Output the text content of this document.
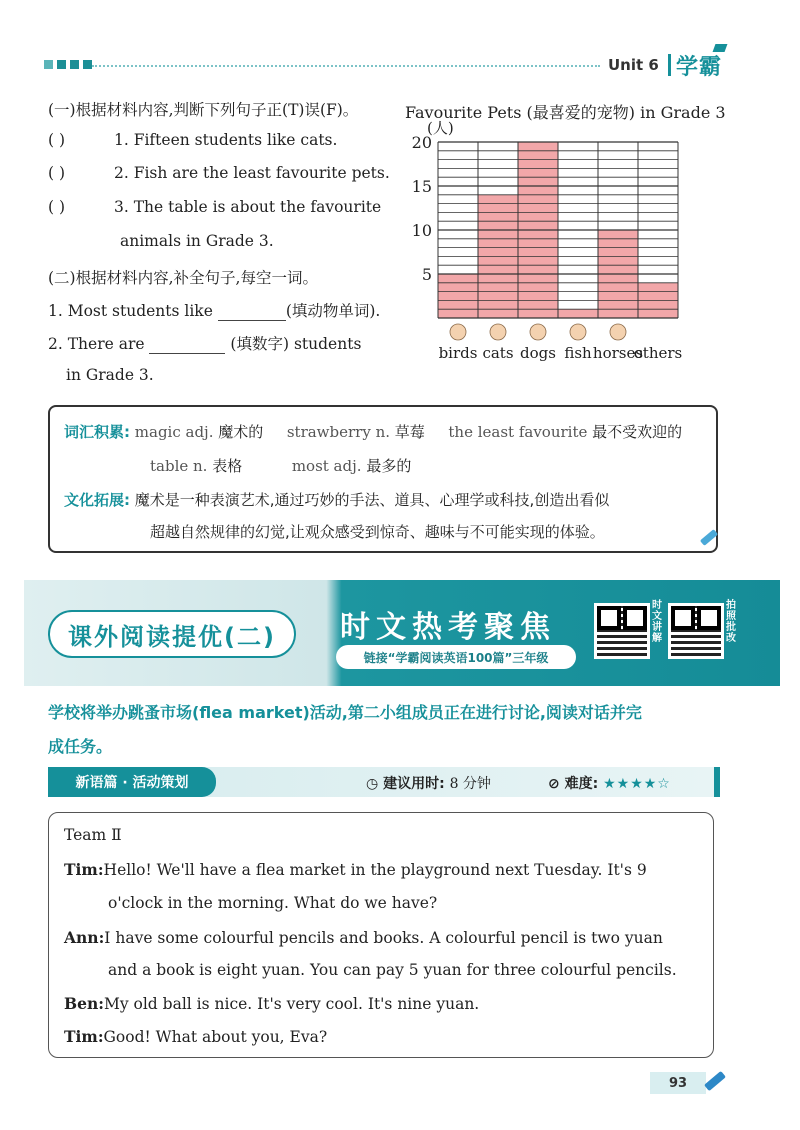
Unit 6 学霸
(一)根据材料内容,判断下列句子正(T)误(F)。
( )	1. Fifteen students like cats.
( )	2. Fish are the least favourite pets.
( )	3. The table is about the favourite
animals in Grade 3.
(二)根据材料内容,补全句子,每空一词。
1. Most students like	(填动物单词).
2. There are	(填数字) students
in Grade 3.
Favourite Pets (最喜爱的宠物) in Grade 3
(人)
5
10
15
20
birds cats dogs fish horses
others
词汇积累: magic adj. 魔术的 strawberry n. 草莓 the least favourite 最不受欢迎的
table n. 表格	most adj. 最多的
文化拓展: 魔术是一种表演艺术,通过巧妙的手法、道具、心理学或科技,创造出看似
超越自然规律的幻觉,让观众感受到惊奇、趣味与不可能实现的体验。
课外阅读提优(二)	时文热考聚焦
链接“学霸阅读英语100篇”三年级
时文讲解
拍照批改
学校将举办跳蚤市场(flea market)活动,第二小组成员正在进行讨论,阅读对话并完
成任务。
新语篇 · 活动策划	◷ 建议用时: 8 分钟	⊘ 难度: ★★★★☆
Team Ⅱ
Tim:Hello! We'll have a flea market in the playground next Tuesday. It's 9
o'clock in the morning. What do we have?
Ann:I have some colourful pencils and books. A colourful pencil is two yuan
and a book is eight yuan. You can pay 5 yuan for three colourful pencils.
Ben:My old ball is nice. It's very cool. It's nine yuan.
Tim:Good! What about you, Eva?
93
